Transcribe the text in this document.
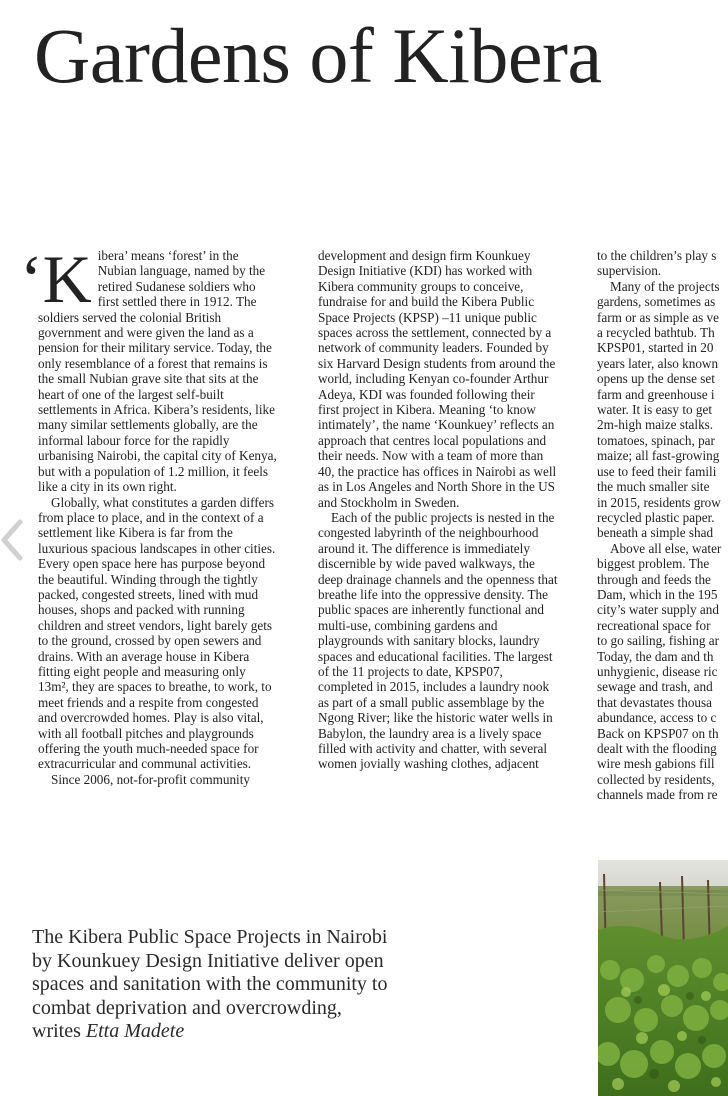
Gardens of Kibera

‘K ibera’ means ‘forest’ in the Nubian language, named by the retired Sudanese soldiers who first settled there in 1912. The soldiers served the colonial British government and were given the land as a pension for their military service. Today, the only resemblance of a forest that remains is the small Nubian grave site that sits at the heart of one of the largest self-built settlements in Africa. Kibera’s residents, like many similar settlements globally, are the informal labour force for the rapidly urbanising Nairobi, the capital city of Kenya, but with a population of 1.2 million, it feels like a city in its own right.

Globally, what constitutes a garden differs from place to place, and in the context of a settlement like Kibera is far from the luxurious spacious landscapes in other cities. Every open space here has purpose beyond the beautiful. Winding through the tightly packed, congested streets, lined with mud houses, shops and packed with running children and street vendors, light barely gets to the ground, crossed by open sewers and drains. With an average house in Kibera fitting eight people and measuring only 13m², they are spaces to breathe, to work, to meet friends and a respite from congested and overcrowded homes. Play is also vital, with all football pitches and playgrounds offering the youth much-needed space for extracurricular and communal activities.

Since 2006, not-for-profit community

development and design firm Kounkuey Design Initiative (KDI) has worked with Kibera community groups to conceive, fundraise for and build the Kibera Public Space Projects (KPSP) –11 unique public spaces across the settlement, connected by a network of community leaders. Founded by six Harvard Design students from around the world, including Kenyan co-founder Arthur Adeya, KDI was founded following their first project in Kibera. Meaning ‘to know intimately’, the name ‘Kounkuey’ reflects an approach that centres local populations and their needs. Now with a team of more than 40, the practice has offices in Nairobi as well as in Los Angeles and North Shore in the US and Stockholm in Sweden.

Each of the public projects is nested in the congested labyrinth of the neighbourhood around it. The difference is immediately discernible by wide paved walkways, the deep drainage channels and the openness that breathe life into the oppressive density. The public spaces are inherently functional and multi-use, combining gardens and playgrounds with sanitary blocks, laundry spaces and educational facilities. The largest of the 11 projects to date, KPSP07, completed in 2015, includes a laundry nook as part of a small public assemblage by the Ngong River; like the historic water wells in Babylon, the laundry area is a lively space filled with activity and chatter, with several women jovially washing clothes, adjacent

to the children’s play s
supervision.
Many of the projects
gardens, sometimes as
farm or as simple as ve
a recycled bathtub. Th
KPSP01, started in 20
years later, also known
opens up the dense set
farm and greenhouse i
water. It is easy to get
2m-high maize stalks.
tomatoes, spinach, par
maize; all fast-growing
use to feed their famili
the much smaller site
in 2015, residents grow
recycled plastic paper.
beneath a simple shad
Above all else, water
biggest problem. The
through and feeds the
Dam, which in the 195
city’s water supply and
recreational space for
to go sailing, fishing ar
Today, the dam and th
unhygienic, disease ric
sewage and trash, and
that devastates thousa
abundance, access to c
Back on KPSP07 on th
dealt with the flooding
wire mesh gabions fill
collected by residents,
channels made from re

The Kibera Public Space Projects in Nairobi by Kounkuey Design Initiative deliver open spaces and sanitation with the community to combat deprivation and overcrowding, writes Etta Madete
